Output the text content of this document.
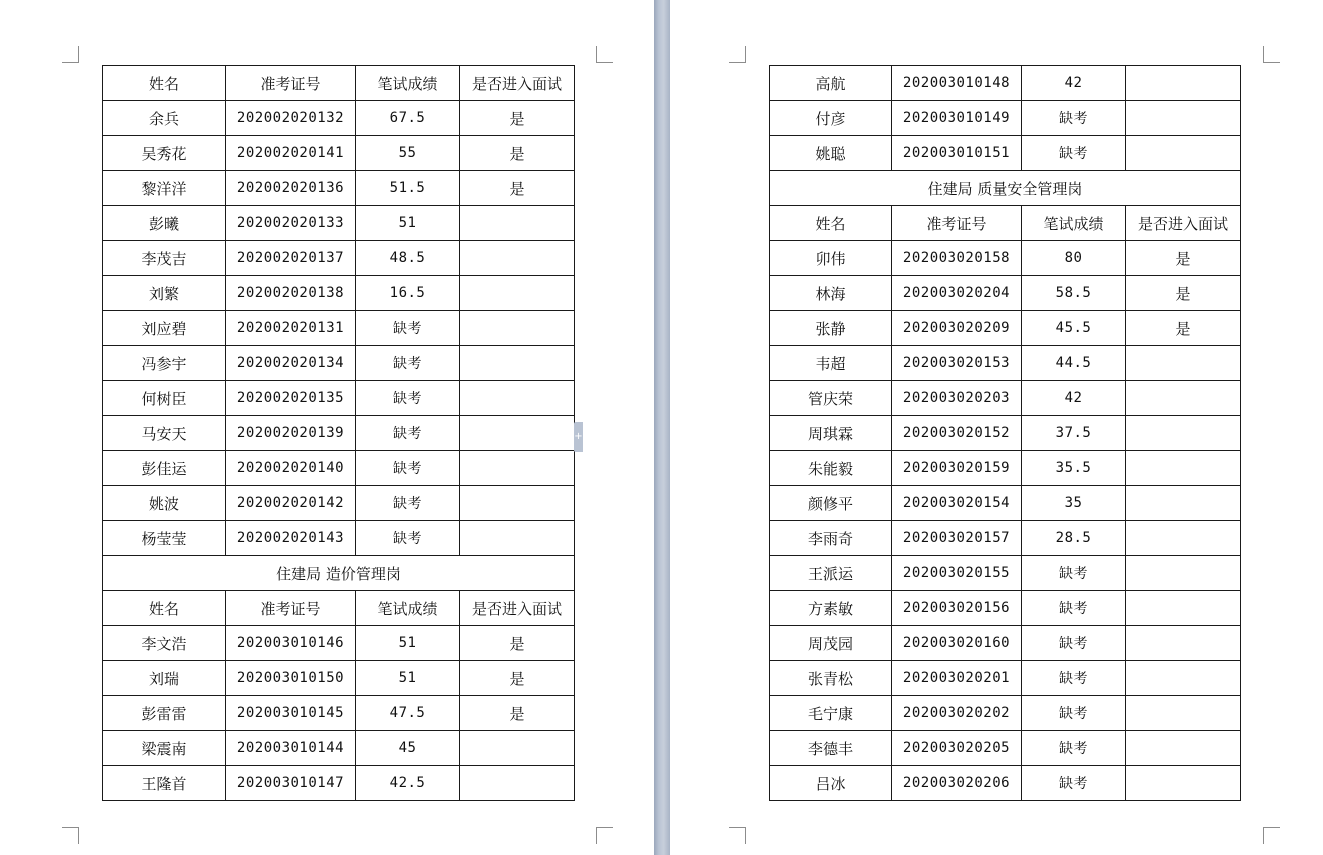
姓名	准考证号	笔试成绩	是否进入面试
余兵	202002020132	67.5	是
吴秀花	202002020141	55	是
黎洋洋	202002020136	51.5	是
彭曦	202002020133	51	
李茂吉	202002020137	48.5	
刘繁	202002020138	16.5	
刘应碧	202002020131	缺考	
冯参宇	202002020134	缺考	
何树臣	202002020135	缺考	
马安天	202002020139	缺考	
彭佳运	202002020140	缺考	
姚波	202002020142	缺考	
杨莹莹	202002020143	缺考	
住建局 造价管理岗			
姓名	准考证号	笔试成绩	是否进入面试
李文浩	202003010146	51	是
刘瑞	202003010150	51	是
彭雷雷	202003010145	47.5	是
梁震南	202003010144	45	
王隆首	202003010147	42.5	
+
高航	202003010148	42	
付彦	202003010149	缺考	
姚聪	202003010151	缺考	
住建局 质量安全管理岗			
姓名	准考证号	笔试成绩	是否进入面试
卯伟	202003020158	80	是
林海	202003020204	58.5	是
张静	202003020209	45.5	是
韦超	202003020153	44.5	
管庆荣	202003020203	42	
周琪霖	202003020152	37.5	
朱能毅	202003020159	35.5	
颜修平	202003020154	35	
李雨奇	202003020157	28.5	
王派运	202003020155	缺考	
方素敏	202003020156	缺考	
周茂园	202003020160	缺考	
张青松	202003020201	缺考	
毛宁康	202003020202	缺考	
李德丰	202003020205	缺考	
吕冰	202003020206	缺考	
